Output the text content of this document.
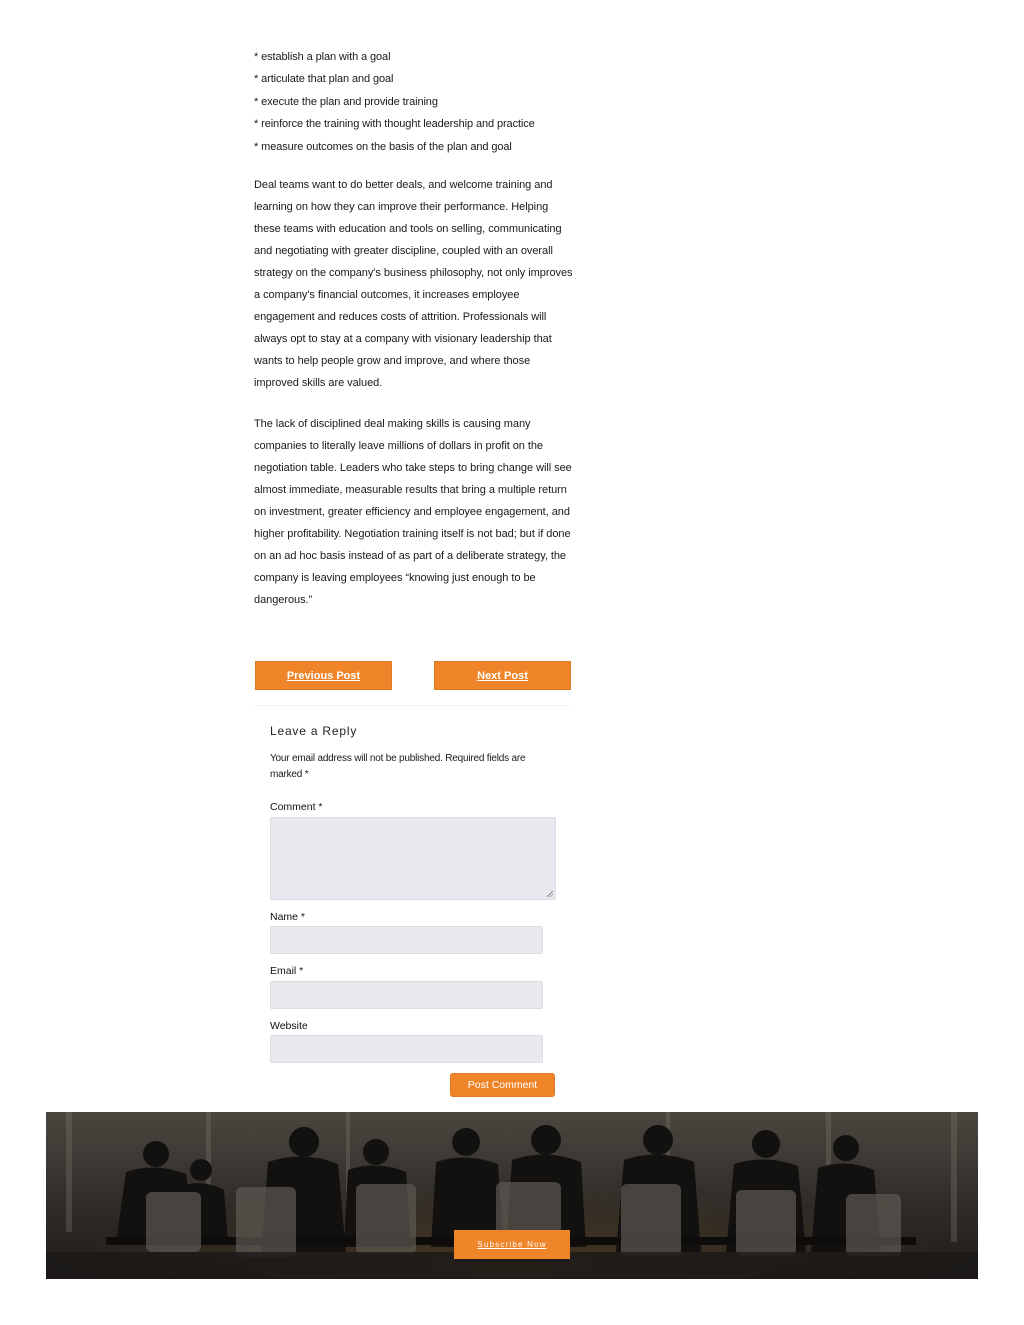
* establish a plan with a goal
* articulate that plan and goal
* execute the plan and provide training
* reinforce the training with thought leadership and practice
* measure outcomes on the basis of the plan and goal

Deal teams want to do better deals, and welcome training and learning on how they can improve their performance. Helping these teams with education and tools on selling, communicating and negotiating with greater discipline, coupled with an overall strategy on the company's business philosophy, not only improves a company's financial outcomes, it increases employee engagement and reduces costs of attrition. Professionals will always opt to stay at a company with visionary leadership that wants to help people grow and improve, and where those improved skills are valued.

The lack of disciplined deal making skills is causing many companies to literally leave millions of dollars in profit on the negotiation table. Leaders who take steps to bring change will see almost immediate, measurable results that bring a multiple return on investment, greater efficiency and employee engagement, and higher profitability. Negotiation training itself is not bad; but if done on an ad hoc basis instead of as part of a deliberate strategy, the company is leaving employees “knowing just enough to be dangerous.”

Previous Post	Next Post
Leave a Reply

Your email address will not be published. Required fields are marked *

Comment *
Name *
Email *
Website
Post Comment
Subscribe Now
